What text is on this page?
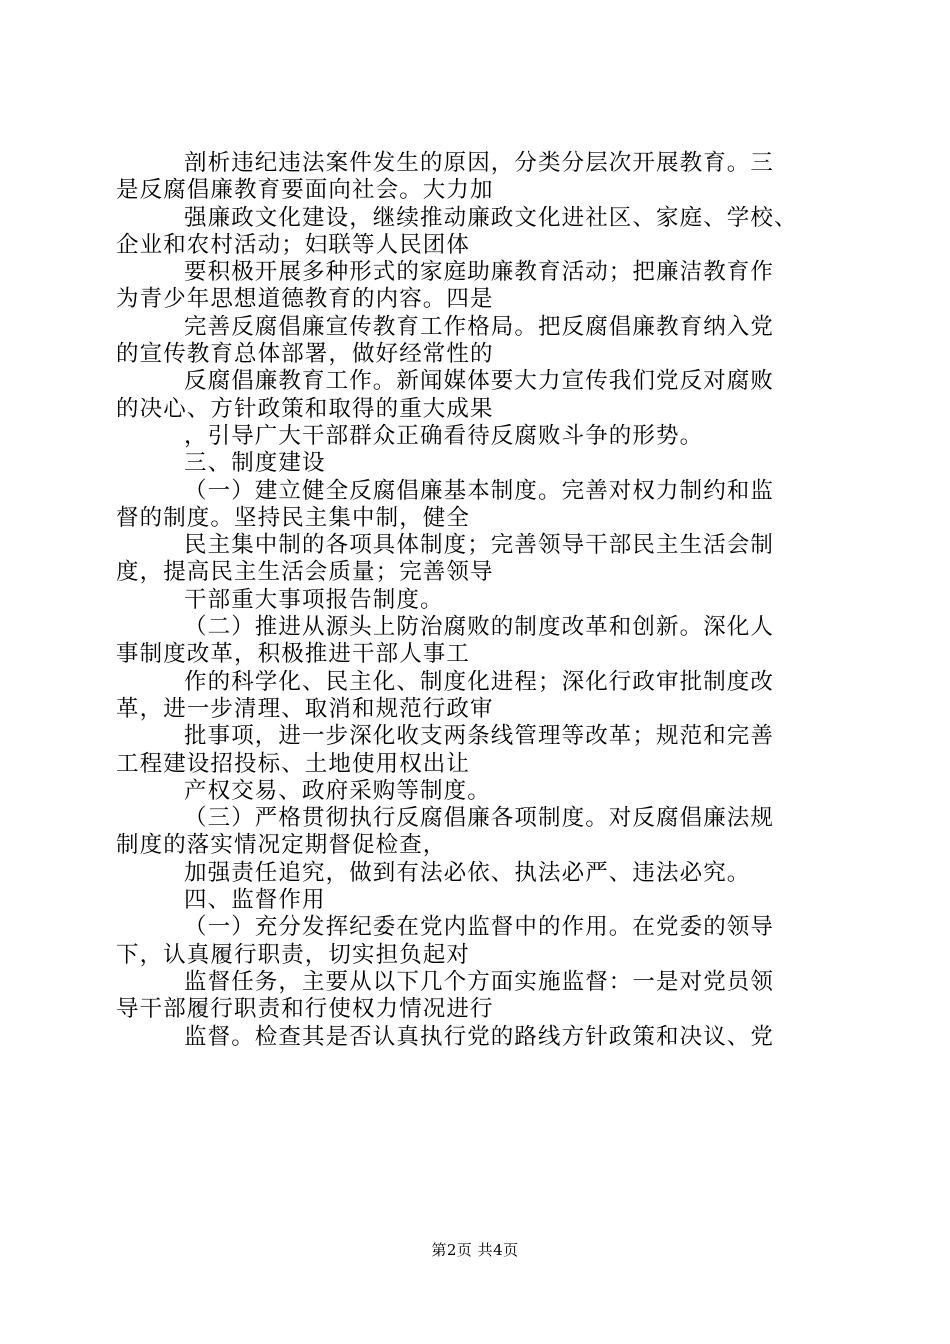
剖析违纪违法案件发生的原因，分类分层次开展教育。三
是反腐倡廉教育要面向社会。大力加
强廉政文化建设，继续推动廉政文化进社区、家庭、学校、
企业和农村活动；妇联等人民团体
要积极开展多种形式的家庭助廉教育活动；把廉洁教育作
为青少年思想道德教育的内容。四是
完善反腐倡廉宣传教育工作格局。把反腐倡廉教育纳入党
的宣传教育总体部署，做好经常性的
反腐倡廉教育工作。新闻媒体要大力宣传我们党反对腐败
的决心、方针政策和取得的重大成果
，引导广大干部群众正确看待反腐败斗争的形势。
三、制度建设
（一）建立健全反腐倡廉基本制度。完善对权力制约和监
督的制度。坚持民主集中制，健全
民主集中制的各项具体制度；完善领导干部民主生活会制
度，提高民主生活会质量；完善领导
干部重大事项报告制度。
（二）推进从源头上防治腐败的制度改革和创新。深化人
事制度改革，积极推进干部人事工
作的科学化、民主化、制度化进程；深化行政审批制度改
革，进一步清理、取消和规范行政审
批事项，进一步深化收支两条线管理等改革；规范和完善
工程建设招投标、土地使用权出让
产权交易、政府采购等制度。
（三）严格贯彻执行反腐倡廉各项制度。对反腐倡廉法规
制度的落实情况定期督促检查，
加强责任追究，做到有法必依、执法必严、违法必究。
四、监督作用
（一）充分发挥纪委在党内监督中的作用。在党委的领导
下，认真履行职责，切实担负起对
监督任务，主要从以下几个方面实施监督：一是对党员领
导干部履行职责和行使权力情况进行
监督。检查其是否认真执行党的路线方针政策和决议、党
第2页 共4页
